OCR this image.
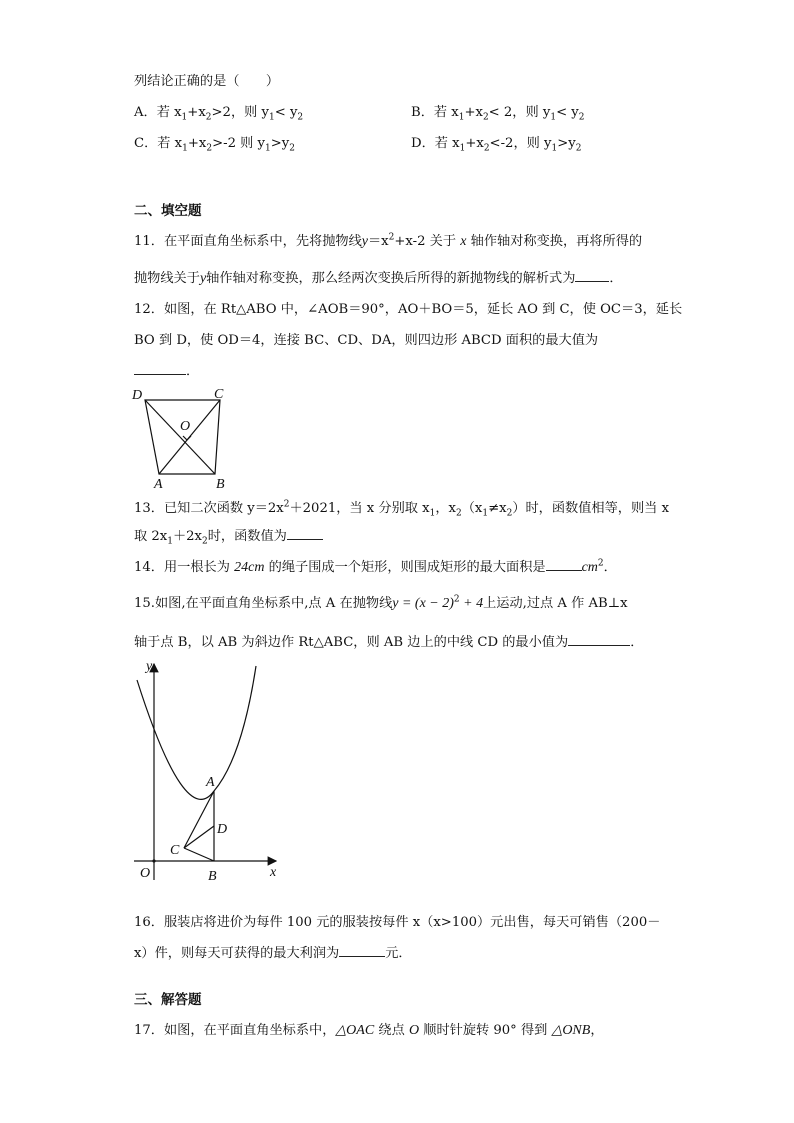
列结论正确的是（　　）
A．若 $x_1+x_2>2$，则 $y_1< y_2$	B．若 $x_1+x_2< 2$，则 $y_1< y_2$
C．若 $x_1+x_2>-2$ 则 $y_1>y_2$	D．若 $x_1+x_2<-2$，则 $y_1>y_2$
二、填空题
11．在平面直角坐标系中，先将抛物线$y=x^2+x-2$ 关于 x 轴作轴对称变换，再将所得的
抛物线关于y轴作轴对称变换，那么经两次变换后所得的新抛物线的解析式为	．
12．如图，在 Rt△ABO 中，∠AOB＝90°，AO＋BO＝5，延长 AO 到 C，使 OC＝3，延长
BO 到 D，使 OD＝4，连接 BC、CD、DA，则四边形 ABCD 面积的最大值为
．
D	C
O
A	B
13．已知二次函数 $y=2x^2+2021$，当 x 分别取 $x_1$，$x_2(x_1\ne x_2)$时，函数值相等，则当 x
取 $2x_1+2x_2$时，函数值为
14．用一根长为 24cm 的绳子围成一个矩形，则围成矩形的最大面积是	$cm^2$．
15.如图,在平面直角坐标系中,点 A 在抛物线$y = (x - 2)^2 + 4$上运动,过点 A 作 AB⊥x
轴于点 B，以 AB 为斜边作 Rt△ABC，则 AB 边上的中线 CD 的最小值为	．
y
x
O
A
B
C
D
16．服装店将进价为每件 100 元的服装按每件 x（x>100）元出售，每天可销售（200－
x）件，则每天可获得的最大利润为	元．
三、解答题
17．如图，在平面直角坐标系中，△OAC 绕点 O 顺时针旋转 90° 得到 △ONB，
